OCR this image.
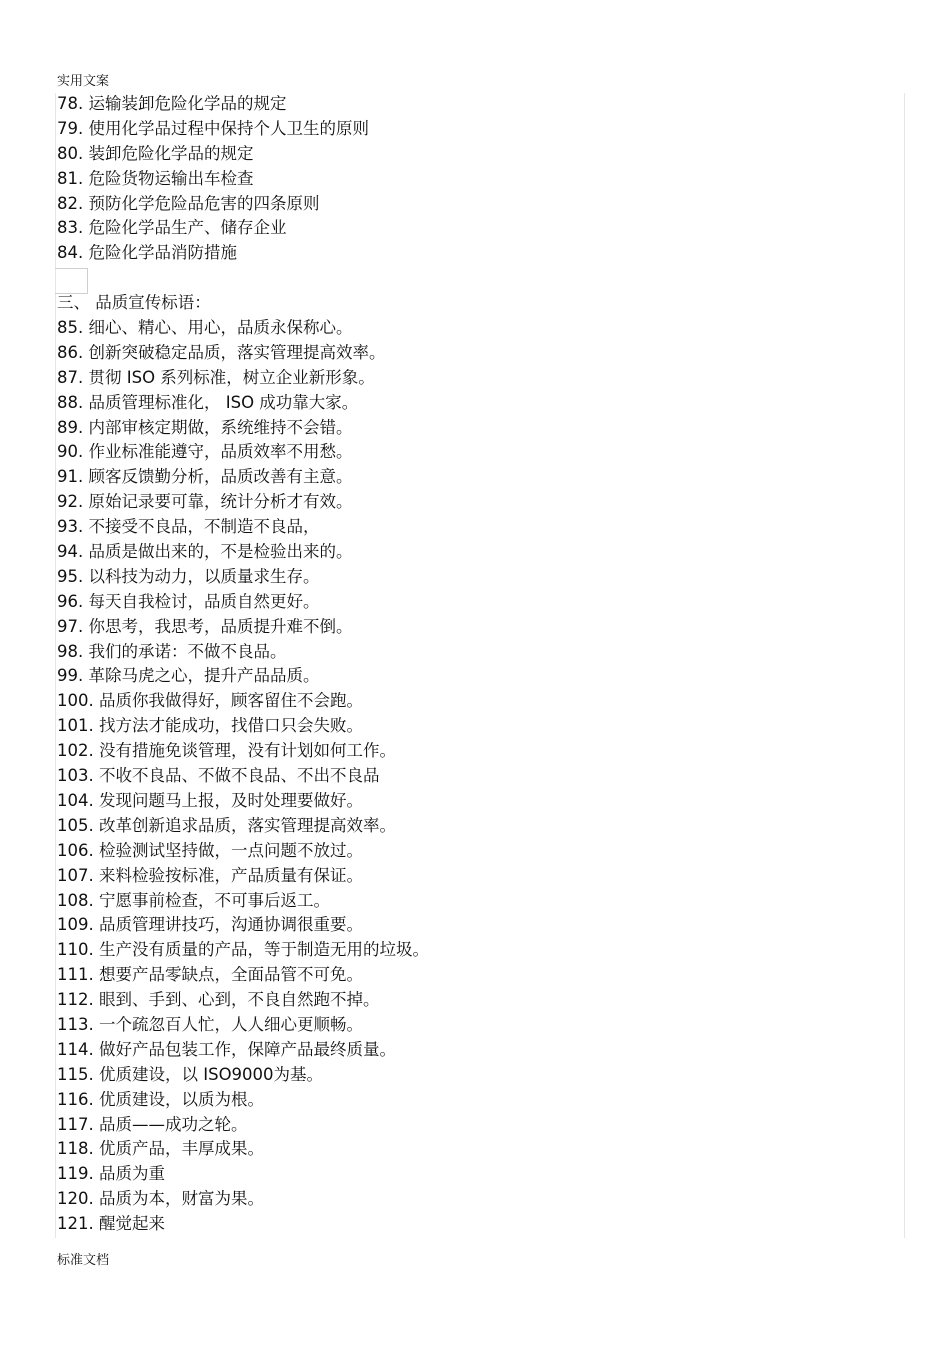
实用文案
78. 运输装卸危险化学品的规定
79. 使用化学品过程中保持个人卫生的原则
80. 装卸危险化学品的规定
81. 危险货物运输出车检查
82. 预防化学危险品危害的四条原则
83. 危险化学品生产、储存企业
84. 危险化学品消防措施
三、 品质宣传标语：
85. 细心、精心、用心，品质永保称心。
86. 创新突破稳定品质，落实管理提高效率。
87. 贯彻 ISO 系列标准，树立企业新形象。
88. 品质管理标准化， ISO 成功靠大家。
89. 内部审核定期做，系统维持不会错。
90. 作业标准能遵守，品质效率不用愁。
91. 顾客反馈勤分析，品质改善有主意。
92. 原始记录要可靠，统计分析才有效。
93. 不接受不良品，不制造不良品，
94. 品质是做出来的，不是检验出来的。
95. 以科技为动力，以质量求生存。
96. 每天自我检讨，品质自然更好。
97. 你思考，我思考，品质提升难不倒。
98. 我们的承诺：不做不良品。
99. 革除马虎之心，提升产品品质。
100. 品质你我做得好，顾客留住不会跑。
101. 找方法才能成功，找借口只会失败。
102. 没有措施免谈管理，没有计划如何工作。
103. 不收不良品、不做不良品、不出不良品
104. 发现问题马上报，及时处理要做好。
105. 改革创新追求品质，落实管理提高效率。
106. 检验测试坚持做，一点问题不放过。
107. 来料检验按标准，产品质量有保证。
108. 宁愿事前检查，不可事后返工。
109. 品质管理讲技巧，沟通协调很重要。
110. 生产没有质量的产品，等于制造无用的垃圾。
111. 想要产品零缺点，全面品管不可免。
112. 眼到、手到、心到，不良自然跑不掉。
113. 一个疏忽百人忙，人人细心更顺畅。
114. 做好产品包装工作，保障产品最终质量。
115. 优质建设，以 ISO9000为基。
116. 优质建设，以质为根。
117. 品质——成功之轮。
118. 优质产品，丰厚成果。
119. 品质为重
120. 品质为本，财富为果。
121. 醒觉起来
标准文档
